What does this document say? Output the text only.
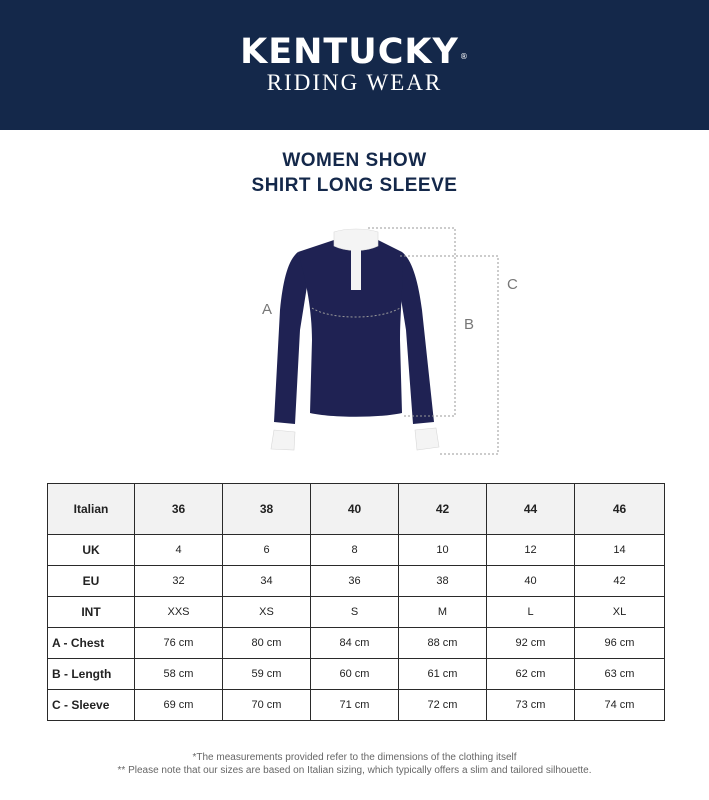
KENTUCKY®
RIDING WEAR
WOMEN SHOW
SHIRT LONG SLEEVE
A
B
C
Italian	36	38	40	42	44	46
UK	4	6	8	10	12	14
EU	32	34	36	38	40	42
INT	XXS	XS	S	M	L	XL
A - Chest	76 cm	80 cm	84 cm	88 cm	92 cm	96 cm
B - Length	58 cm	59 cm	60 cm	61 cm	62 cm	63 cm
C - Sleeve	69 cm	70 cm	71 cm	72 cm	73 cm	74 cm
*The measurements provided refer to the dimensions of the clothing itself
** Please note that our sizes are based on Italian sizing, which typically offers a slim and tailored silhouette.
